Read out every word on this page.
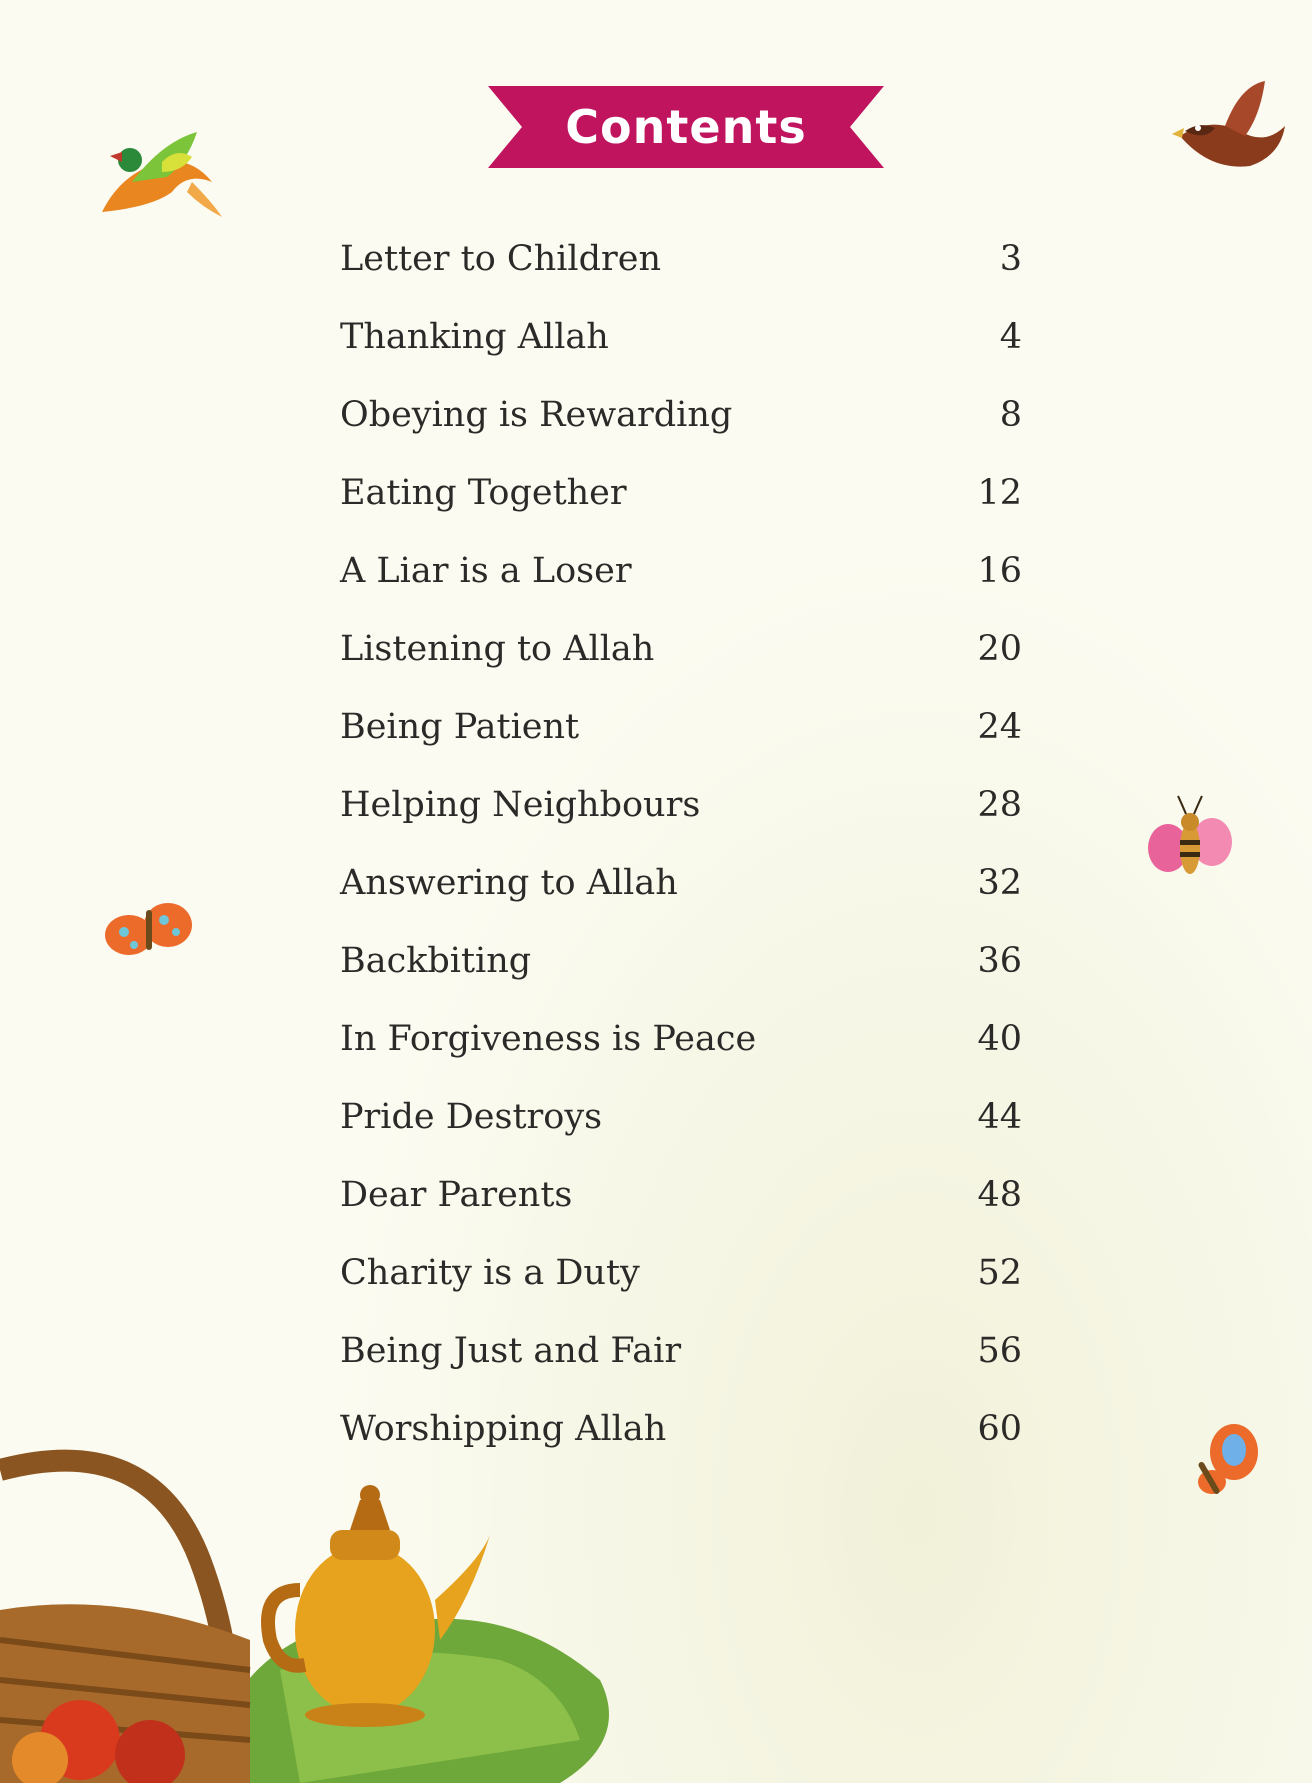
Contents
Letter to Children	3
Thanking Allah	4
Obeying is Rewarding	8
Eating Together	12
A Liar is a Loser	16
Listening to Allah	20
Being Patient	24
Helping Neighbours	28
Answering to Allah	32
Backbiting	36
In Forgiveness is Peace	40
Pride Destroys	44
Dear Parents	48
Charity is a Duty	52
Being Just and Fair	56
Worshipping Allah	60
